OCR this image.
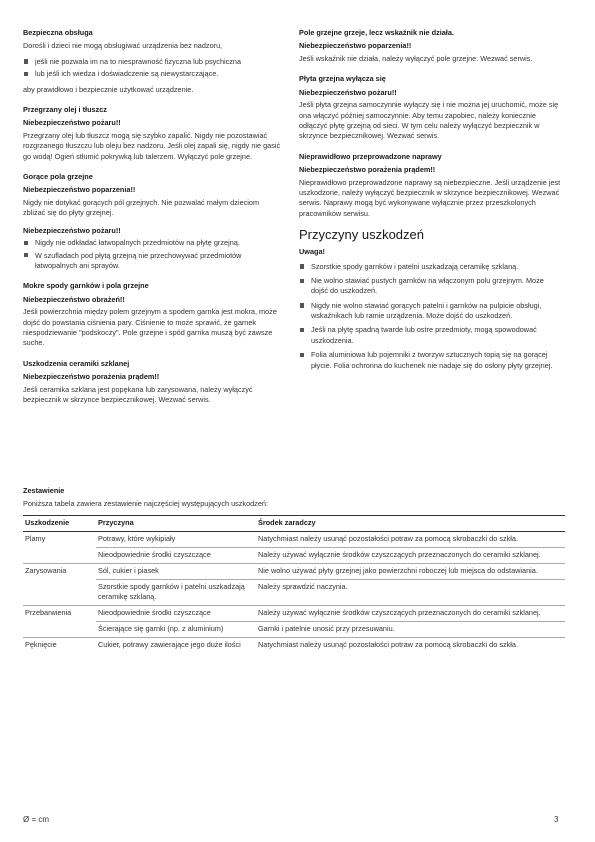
Bezpieczna obsługa
Dorośli i dzieci nie mogą obsługiwać urządzenia bez nadzoru,
jeśli nie pozwala im na to niesprawność fizyczna lub psychiczna
lub jeśli ich wiedza i doświadczenie są niewystarczające.
aby prawidłowo i bezpiecznie użytkować urządzenie.
Przegrzany olej i tłuszcz
Niebezpieczeństwo pożaru!!
Przegrzany olej lub tłuszcz mogą się szybko zapalić. Nigdy nie pozostawiać rozgrzanego tłuszczu lub oleju bez nadzoru. Jeśli olej zapali się, nigdy nie gasić go wodą! Ogień stłumić pokrywką lub talerzem. Wyłączyć pole grzejne.
Gorące pola grzejne
Niebezpieczeństwo poparzenia!!
Nigdy nie dotykać gorących pól grzejnych. Nie pozwalać małym dzieciom zbliżać się do płyty grzejnej.
Niebezpieczeństwo pożaru!!
Nigdy nie odkładać łatwopalnych przedmiotów na płytę grzejną.
W szufladach pod płytą grzejną nie przechowywać przedmiotów łatwopalnych ani sprayów.
Mokre spody garnków i pola grzejne
Niebezpieczeństwo obrażeń!!
Jeśli powierzchnia między polem grzejnym a spodem garnka jest mokra, może dojść do powstania ciśnienia pary. Ciśnienie to może sprawić, że garnek niespodziewanie "podskoczy". Pole grzejne i spód garnka muszą być zawsze suche.
Uszkodzenia ceramiki szklanej
Niebezpieczeństwo porażenia prądem!!
Jeśli ceramika szklana jest popękana lub zarysowana, należy wyłączyć bezpiecznik w skrzynce bezpiecznikowej. Wezwać serwis.
Pole grzejne grzeje, lecz wskaźnik nie działa.
Niebezpieczeństwo poparzenia!!
Jeśli wskaźnik nie działa, należy wyłączyć pole grzejne. Wezwać serwis.
Płyta grzejna wyłącza się
Niebezpieczeństwo pożaru!!
Jeśli płyta grzejna samoczynnie wyłączy się i nie można jej uruchomić, może się ona włączyć później samoczynnie. Aby temu zapobiec, należy koniecznie odłączyć płytę grzejną od sieci. W tym celu należy wyłączyć bezpiecznik w skrzynce bezpiecznikowej. Wezwać serwis.
Nieprawidłowo przeprowadzone naprawy
Niebezpieczeństwo porażenia prądem!!
Nieprawidłowo przeprowadzone naprawy są niebezpieczne. Jeśli urządzenie jest uszkodzone, należy wyłączyć bezpiecznik w skrzynce bezpiecznikowej. Wezwać serwis. Naprawy mogą być wykonywane wyłącznie przez przeszkolonych pracowników serwisu.
Przyczyny uszkodzeń
Uwaga!
Szorstkie spody garnków i patelni uszkadzają ceramikę szklaną.
Nie wolno stawiać pustych garnków na włączonym polu grzejnym. Może dojść do uszkodzeń.
Nigdy nie wolno stawiać gorących patelni i garnków na pulpicie obsługi, wskaźnikach lub ramie urządzenia. Może dojść do uszkodzeń.
Jeśli na płytę spadną twarde lub ostre przedmioty, mogą spowodować uszkodzenia.
Folia aluminiowa lub pojemniki z tworzyw sztucznych topią się na gorącej płycie. Folia ochronna do kuchenek nie nadaje się do osłony płyty grzejnej.
Zestawienie
Poniższa tabela zawiera zestawienie najczęściej występujących uszkodzeń:
Uszkodzenie	Przyczyna	Środek zaradczy
Plamy	Potrawy, które wykipiały	Natychmiast należy usunąć pozostałości potraw za pomocą skrobaczki do szkła.
	Nieodpowiednie środki czyszczące	Należy używać wyłącznie środków czyszczących przeznaczonych do ceramiki szklanej.
Zarysowania	Sól, cukier i piasek	Nie wolno używać płyty grzejnej jako powierzchni roboczej lub miejsca do odstawiania.
	Szorstkie spody garnków i patelni uszkadzają ceramikę szklaną.	Należy sprawdzić naczynia.
Przebarwienia	Nieodpowiednie środki czyszczące	Należy używać wyłącznie środków czyszczących przeznaczonych do ceramiki szklanej.
	Ścierające się garnki (np. z aluminium)	Garnki i patelnie unosić przy przesuwaniu.
Pęknięcie	Cukier, potrawy zawierające jego duże ilości	Natychmiast należy usunąć pozostałości potraw za pomocą skrobaczki do szkła.
Ø = cm	3
